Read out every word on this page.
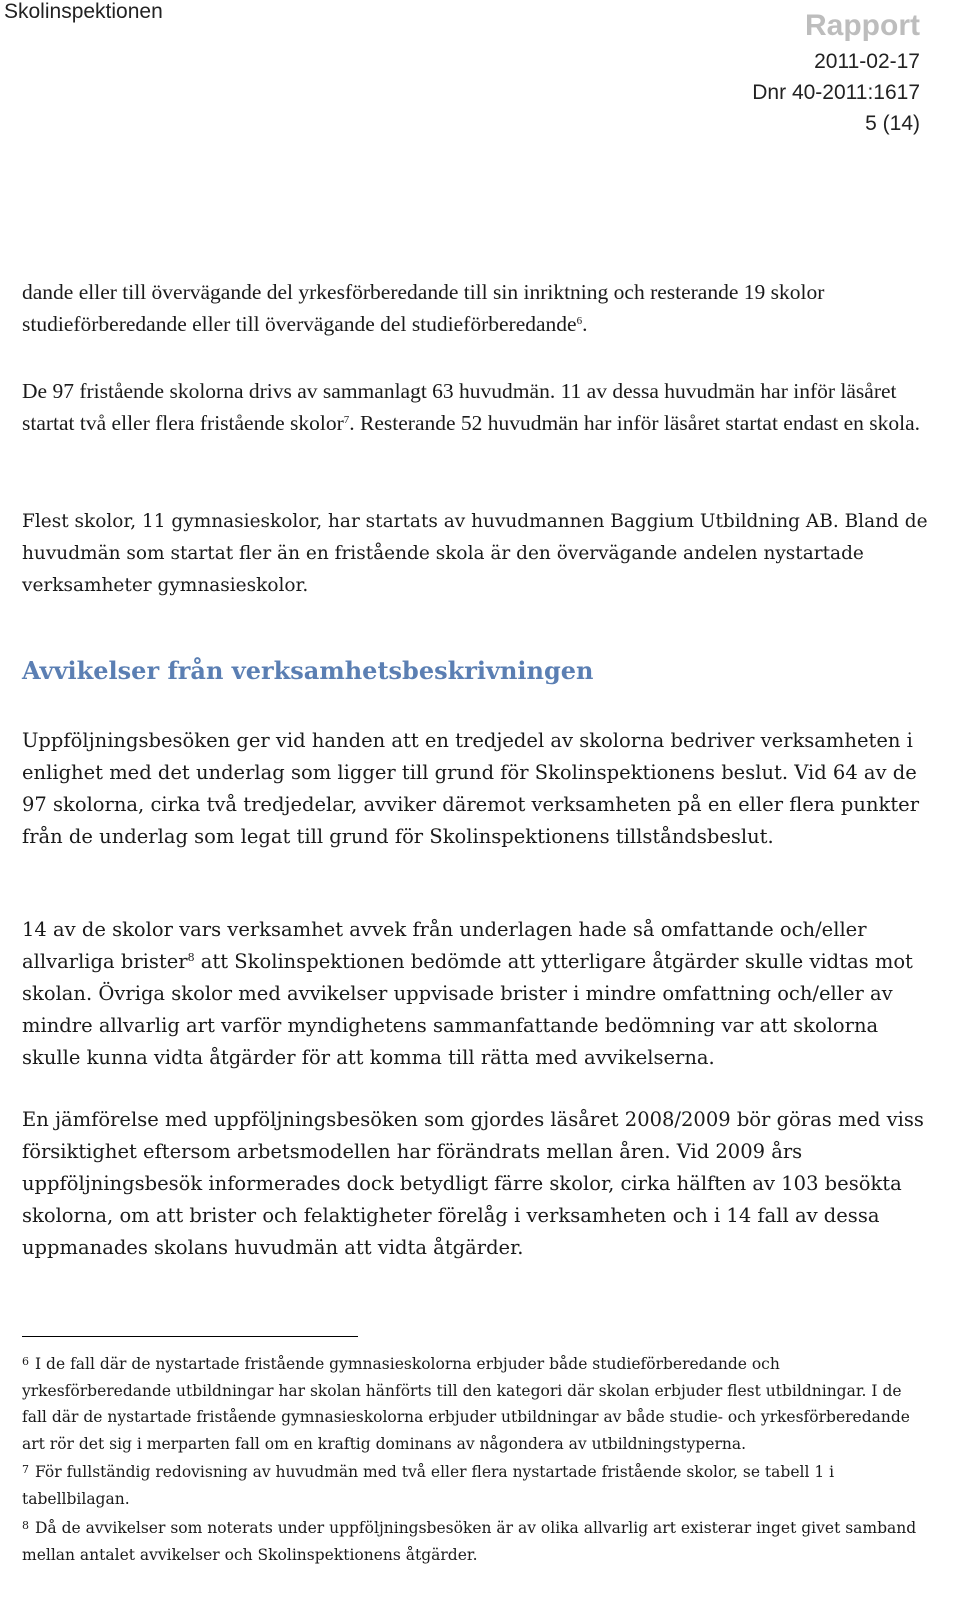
Skolinspektionen	Rapport
2011-02-17
Dnr 40-2011:1617
5 (14)

dande eller till övervägande del yrkesförberedande till sin inriktning och resterande 19 skolor studieförberedande eller till övervägande del studieförberedande$^6$.

De 97 fristående skolorna drivs av sammanlagt 63 huvudmän. 11 av dessa huvudmän har inför läsåret startat två eller flera fristående skolor$^7$. Resterande 52 huvudmän har inför läsåret startat endast en skola.

Flest skolor, 11 gymnasieskolor, har startats av huvudmannen Baggium Utbildning AB. Bland de huvudmän som startat fler än en fristående skola är den övervägande andelen nystartade verksamheter gymnasieskolor.

Avvikelser från verksamhetsbeskrivningen

Uppföljningsbesöken ger vid handen att en tredjedel av skolorna bedriver verksamheten i enlighet med det underlag som ligger till grund för Skolinspektionens beslut. Vid 64 av de 97 skolorna, cirka två tredjedelar, avviker däremot verksamheten på en eller flera punkter från de underlag som legat till grund för Skolinspektionens tillståndsbeslut.

14 av de skolor vars verksamhet avvek från underlagen hade så omfattande och/eller allvarliga brister$^8$ att Skolinspektionen bedömde att ytterligare åtgärder skulle vidtas mot skolan. Övriga skolor med avvikelser uppvisade brister i mindre omfattning och/eller av mindre allvarlig art varför myndighetens sammanfattande bedömning var att skolorna skulle kunna vidta åtgärder för att komma till rätta med avvikelserna.

En jämförelse med uppföljningsbesöken som gjordes läsåret 2008/2009 bör göras med viss försiktighet eftersom arbetsmodellen har förändrats mellan åren. Vid 2009 års uppföljningsbesök informerades dock betydligt färre skolor, cirka hälften av 103 besökta skolorna, om att brister och felaktigheter förelåg i verksamheten och i 14 fall av dessa uppmanades skolans huvudmän att vidta åtgärder.

$^6$ I de fall där de nystartade fristående gymnasieskolorna erbjuder både studieförberedande och yrkesförberedande utbildningar har skolan hänförts till den kategori där skolan erbjuder flest utbildningar. I de fall där de nystartade fristående gymnasieskolorna erbjuder utbildningar av både studie- och yrkesförberedande art rör det sig i merparten fall om en kraftig dominans av någondera av utbildningstyperna.

$^7$ För fullständig redovisning av huvudmän med två eller flera nystartade fristående skolor, se tabell 1 i tabellbilagan.

$^8$ Då de avvikelser som noterats under uppföljningsbesöken är av olika allvarlig art existerar inget givet samband mellan antalet avvikelser och Skolinspektionens åtgärder.
